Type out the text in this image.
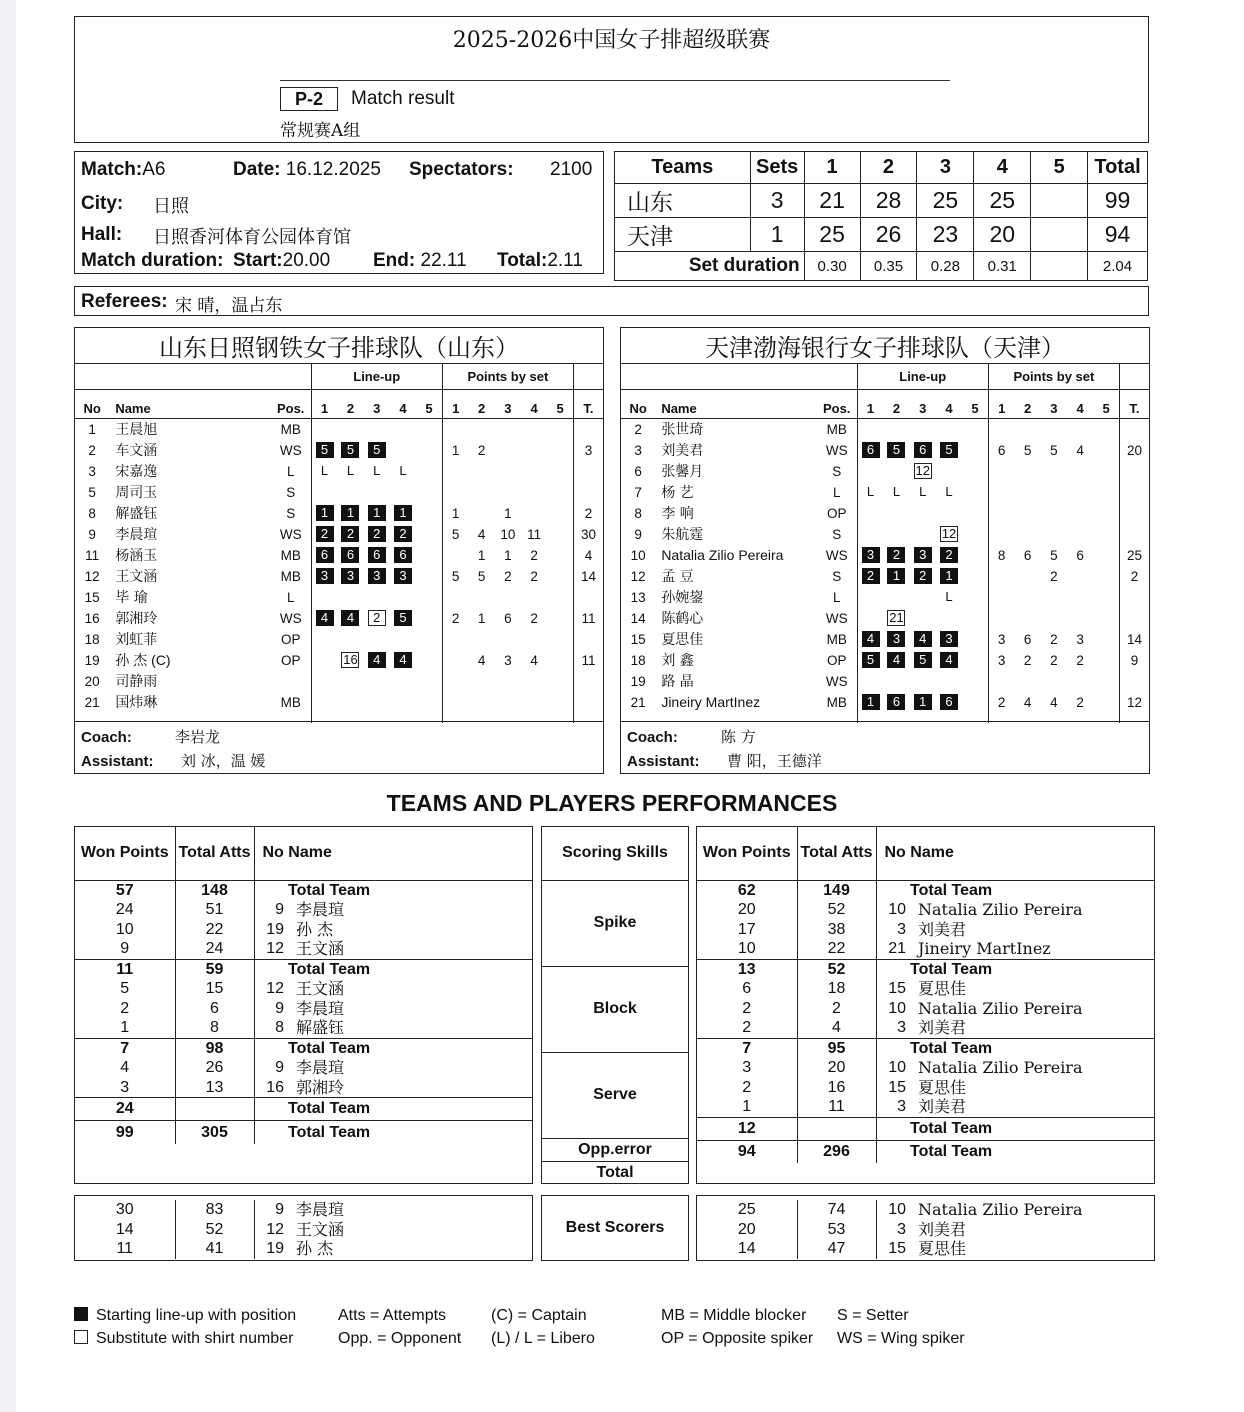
2025-2026中国女子排超级联赛
P-2	Match result
常规赛A组
Match:A6	Date: 16.12.2025 Spectators: 2100
City: 日照
Hall: 日照香河体育公园体育馆
Match duration: Start:20.00 End: 22.11 Total:2.11
Teams	Sets	1	2	3	4	5	Total
山东	3	21	28	25	25		99
天津	1	25	26	23	20		94
Set duration		0.30	0.35	0.28	0.31		2.04
Referees: 宋 晴，温占东
山东日照钢铁女子排球队（山东）													
			Line-up					Points by set					
No	Name	Pos.	1	2	3	4	5	1	2	3	4	5	T.
1	王晨旭	MB											
2	车文涵	WS	5	5	5			1	2				3
3	宋嘉逸	L	L	L	L	L							
5	周司玉	S											
8	解盛钰	S	1	1	1	1		1		1			2
9	李晨瑄	WS	2	2	2	2		5	4	10	11		30
11	杨涵玉	MB	6	6	6	6			1	1	2		4
12	王文涵	MB	3	3	3	3		5	5	2	2		14
15	毕 瑜	L											
16	郭湘玲	WS	4	4	2	5		2	1	6	2		11
18	刘虹菲	OP											
19	孙 杰 (C)	OP		16	4	4			4	3	4		11
20	司静雨												
21	国炜琳	MB											

Coach:	李岩龙
Assistant: 刘 冰，温 媛
天津渤海银行女子排球队（天津）													
			Line-up					Points by set					
No	Name	Pos.	1	2	3	4	5	1	2	3	4	5	T.
2	张世琦	MB											
3	刘美君	WS	6	5	6	5		6	5	5	4		20
6	张馨月	S			12								
7	杨 艺	L	L	L	L	L							
8	李 响	OP											
9	朱航霆	S				12							
10	Natalia Zilio Pereira	WS	3	2	3	2		8	6	5	6		25
12	孟 豆	S	2	1	2	1				2			2
13	孙婉鋆	L				L							
14	陈鹤心	WS		21									
15	夏思佳	MB	4	3	4	3		3	6	2	3		14
18	刘 鑫	OP	5	4	5	4		3	2	2	2		9
19	路 晶	WS											
21	Jineiry MartInez	MB	1	6	1	6		2	4	4	2		12

Coach:	陈 方
Assistant: 曹 阳，王德洋
TEAMS AND PLAYERS PERFORMANCES
Won Points	Total Atts	No Name	
57	148		Total Team
24	51	9	李晨瑄
10	22	19	孙 杰
9	24	12	王文涵
11	59		Total Team
5	15	12	王文涵
2	6	9	李晨瑄
1	8	8	解盛钰
7	98		Total Team
4	26	9	李晨瑄
3	13	16	郭湘玲

24			Total Team
99	305		Total Team
Scoring Skills
Spike
Block
Serve
Opp.error
Total
Won Points	Total Atts	No Name	
62	149		Total Team
20	52	10	Natalia Zilio Pereira
17	38	3	刘美君
10	22	21	Jineiry MartInez
13	52		Total Team
6	18	15	夏思佳
2	2	10	Natalia Zilio Pereira
2	4	3	刘美君
7	95		Total Team
3	20	10	Natalia Zilio Pereira
2	16	15	夏思佳
1	11	3	刘美君
12			Total Team
94	296		Total Team
30	83	9	李晨瑄
14	52	12	王文涵
11	41	19	孙 杰
Best Scorers
25	74	10	Natalia Zilio Pereira
20	53	3	刘美君
14	47	15	夏思佳
Starting line-up with position
Substitute with shirt number
Atts = Attempts
Opp. = Opponent
(C) = Captain
(L) / L = Libero
MB = Middle blocker
OP = Opposite spiker
S = Setter
WS = Wing spiker
